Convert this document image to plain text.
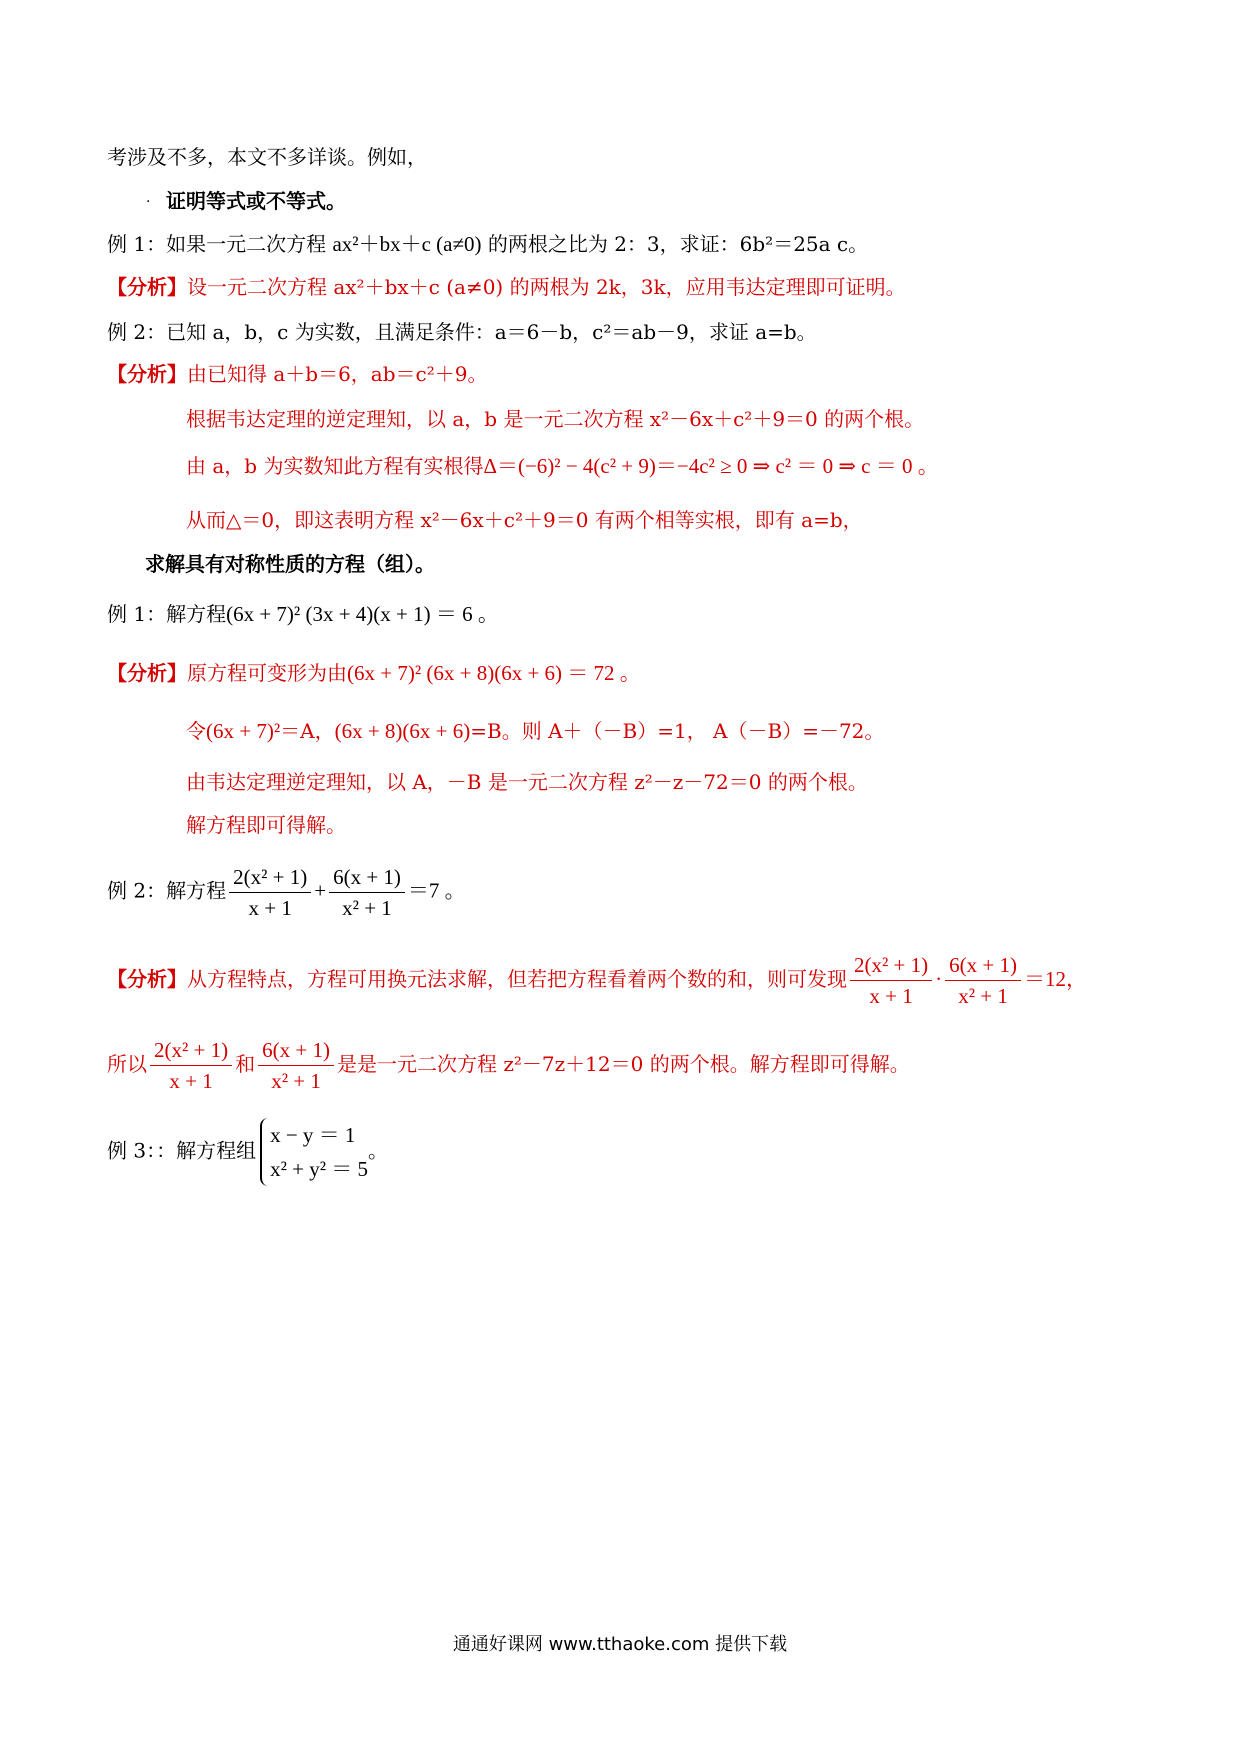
考涉及不多，本文不多详谈。例如，
. 证明等式或不等式。
例 1：如果一元二次方程 ax²＋bx＋c (a≠0) 的两根之比为 2：3，求证：6b²＝25a c。
【分析】设一元二次方程 ax²＋bx＋c (a≠0) 的两根为 2k，3k，应用韦达定理即可证明。
例 2：已知 a，b，c 为实数，且满足条件：a＝6－b，c²＝ab－9，求证 a=b。
【分析】由已知得 a＋b＝6，ab＝c²＋9。
根据韦达定理的逆定理知，以 a，b 是一元二次方程 x²－6x＋c²＋9＝0 的两个根。
由 a，b 为实数知此方程有实根得Δ＝(−6)² − 4(c² + 9)＝−4c² ≥ 0 ⇒ c² ＝ 0 ⇒ c ＝ 0 。
从而△＝0，即这表明方程 x²－6x＋c²＋9＝0 有两个相等实根，即有 a=b，
求解具有对称性质的方程（组）。
例 1：解方程(6x + 7)² (3x + 4)(x + 1) ＝ 6 。
【分析】原方程可变形为由(6x + 7)² (6x + 8)(6x + 6) ＝ 72 。
令(6x + 7)²＝A，(6x + 8)(6x + 6)=B。则 A＋（－B）=1， A（－B）=－72。
由韦达定理逆定理知，以 A，－B 是一元二次方程 z²－z－72＝0 的两个根。
解方程即可得解。
例 2：解方程 $\frac{\text{2(x² + 1)}}{x + 1} + \frac{6(x + 1)}{\text{x² + 1}} =7$ 。
【分析】从方程特点，方程可用换元法求解，但若把方程看着两个数的和，则可发现 $\frac{\text{2(x² + 1)}}{x + 1} \cdot \frac{6(x + 1)}{\text{x² + 1}} =12$，
所以 $\frac{\text{2(x² + 1)}}{x + 1}$ 和 $\frac{6(x + 1)}{\text{x² + 1}}$ 是是一元二次方程 z²－7z＋12＝0 的两个根。解方程即可得解。
例 3：：解方程组
x − y ＝ 1
x² + y² ＝ 5
。
通通好课网 www.tthaoke.com 提供下载
